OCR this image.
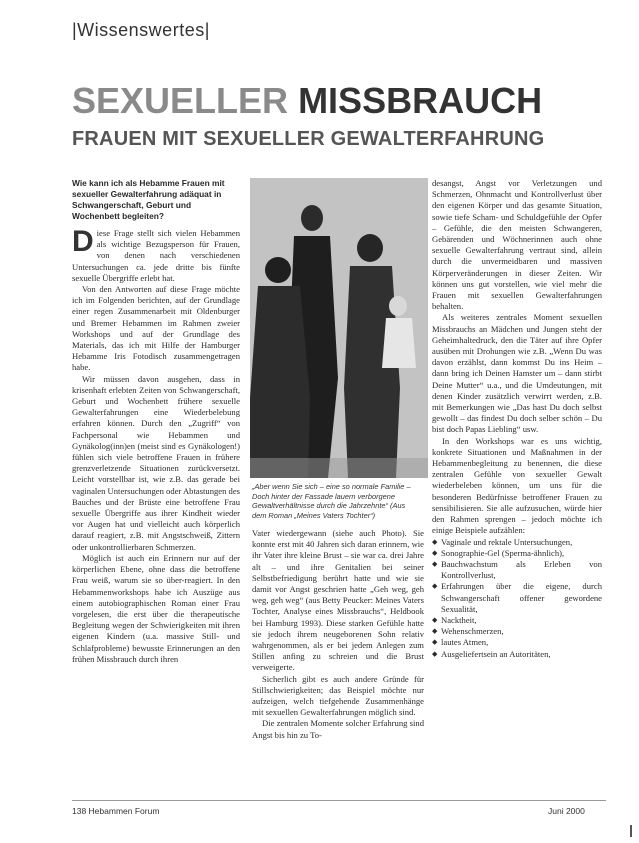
|Wissenswertes|
SEXUELLER MISSBRAUCH
FRAUEN MIT SEXUELLER GEWALTERFAHRUNG

Wie kann ich als Hebamme Frauen mit sexueller Gewalterfahrung adäquat in Schwangerschaft, Geburt und Wochenbett begleiten?

Diese Frage stellt sich vielen Hebammen als wichtige Bezugsperson für Frauen, von denen nach verschiedenen Untersuchungen ca. jede dritte bis fünfte sexuelle Übergriffe erlebt hat.

Von den Antworten auf diese Frage möchte ich im Folgenden berichten, auf der Grundlage einer regen Zusammenarbeit mit Oldenburger und Bremer Hebammen im Rahmen zweier Workshops und auf der Grundlage des Materials, das ich mit Hilfe der Hamburger Hebamme Iris Fotodisch zusammengetragen habe.

Wir müssen davon ausgehen, dass in krisenhaft erlebten Zeiten von Schwangerschaft, Geburt und Wochenbett frühere sexuelle Gewalterfahrungen eine Wiederbelebung erfahren können. Durch den „Zugriff“ von Fachpersonal wie Hebammen und Gynäkolog(inn)en (meist sind es Gynäkologen!) fühlen sich viele betroffene Frauen in frühere grenzverletzende Situationen zurückversetzt. Leicht vorstellbar ist, wie z.B. das gerade bei vaginalen Untersuchungen oder Abtastungen des Bauches und der Brüste eine betroffene Frau sexuelle Übergriffe aus ihrer Kindheit wieder vor Augen hat und vielleicht auch körperlich darauf reagiert, z.B. mit Angstschweiß, Zittern oder unkontrollierbaren Schmerzen.

Möglich ist auch ein Erinnern nur auf der körperlichen Ebene, ohne dass die betroffene Frau weiß, warum sie so über-reagiert. In den Hebammenworkshops habe ich Auszüge aus einem autobiographischen Roman einer Frau vorgelesen, die erst über die therapeutische Begleitung wegen der Schwierigkeiten mit ihren eigenen Kindern (u.a. massive Still- und Schlafprobleme) bewusste Erinnerungen an den frühen Missbrauch durch ihren

„Aber wenn Sie sich – eine so normale Familie – Doch hinter der Fassade lauern verborgene Gewaltverhältnisse durch die Jahrzehnte“ (Aus dem Roman „Meines Vaters Tochter“)

Vater wiedergewann (siehe auch Photo). Sie konnte erst mit 40 Jahren sich daran erinnern, wie ihr Vater ihre kleine Brust – sie war ca. drei Jahre alt – und ihre Genitalien bei seiner Selbstbefriedigung berührt hatte und wie sie damit vor Angst geschrien hatte „Geh weg, geh weg, geh weg“ (aus Betty Peucker: Meines Vaters Tochter, Analyse eines Missbrauchs“, Heldbook bei Hamburg 1993). Diese starken Gefühle hatte sie jedoch ihrem neugeborenen Sohn relativ wahrgenommen, als er bei jedem Anlegen zum Stillen anfing zu schreien und die Brust verweigerte.

Sicherlich gibt es auch andere Gründe für Stillschwierigkeiten; das Beispiel möchte nur aufzeigen, welch tiefgehende Zusammenhänge mit sexuellen Gewalterfahrungen möglich sind.

Die zentralen Momente solcher Erfahrung sind Angst bis hin zu To-

desangst, Angst vor Verletzungen und Schmerzen, Ohnmacht und Kontrollverlust über den eigenen Körper und das gesamte Situation, sowie tiefe Scham- und Schuldgefühle der Opfer – Gefühle, die den meisten Schwangeren, Gebärenden und Wöchnerinnen auch ohne sexuelle Gewalterfahrung vertraut sind, allein durch die unvermeidbaren und massiven Körperveränderungen in dieser Zeiten. Wir können uns gut vorstellen, wie viel mehr die Frauen mit sexuellen Gewalterfahrungen behalten.

Als weiteres zentrales Moment sexuellen Missbrauchs an Mädchen und Jungen steht der Geheimhaltedruck, den die Täter auf ihre Opfer ausüben mit Drohungen wie z.B. „Wenn Du was davon erzählst, dann kommst Du ins Heim – dann bring ich Deinen Hamster um – dann stirbt Deine Mutter“ u.a., und die Umdeutungen, mit denen Kinder zusätzlich verwirrt werden, z.B. mit Bemerkungen wie „Das hast Du doch selbst gewollt – das findest Du doch selber schön – Du bist doch Papas Liebling“ usw.

In den Workshops war es uns wichtig, konkrete Situationen und Maßnahmen in der Hebammenbegleitung zu benennen, die diese zentralen Gefühle von sexueller Gewalt wiederbeleben können, um uns für die besonderen Bedürfnisse betroffener Frauen zu sensibilisieren. Sie alle aufzusuchen, würde hier den Rahmen sprengen – jedoch möchte ich einige Beispiele aufzählen:

◆ Vaginale und rektale Untersuchungen,
◆ Sonographie-Gel (Sperma-ähnlich),
◆ Bauchwachstum als Erleben von Kontrollverlust,
◆ Erfahrungen über die eigene, durch Schwangerschaft offener gewordene Sexualität,
◆ Nacktheit,
◆ Wehenschmerzen,
◆ lautes Atmen,
◆ Ausgeliefertsein an Autoritäten,
138 Hebammen Forum	Juni 2000
